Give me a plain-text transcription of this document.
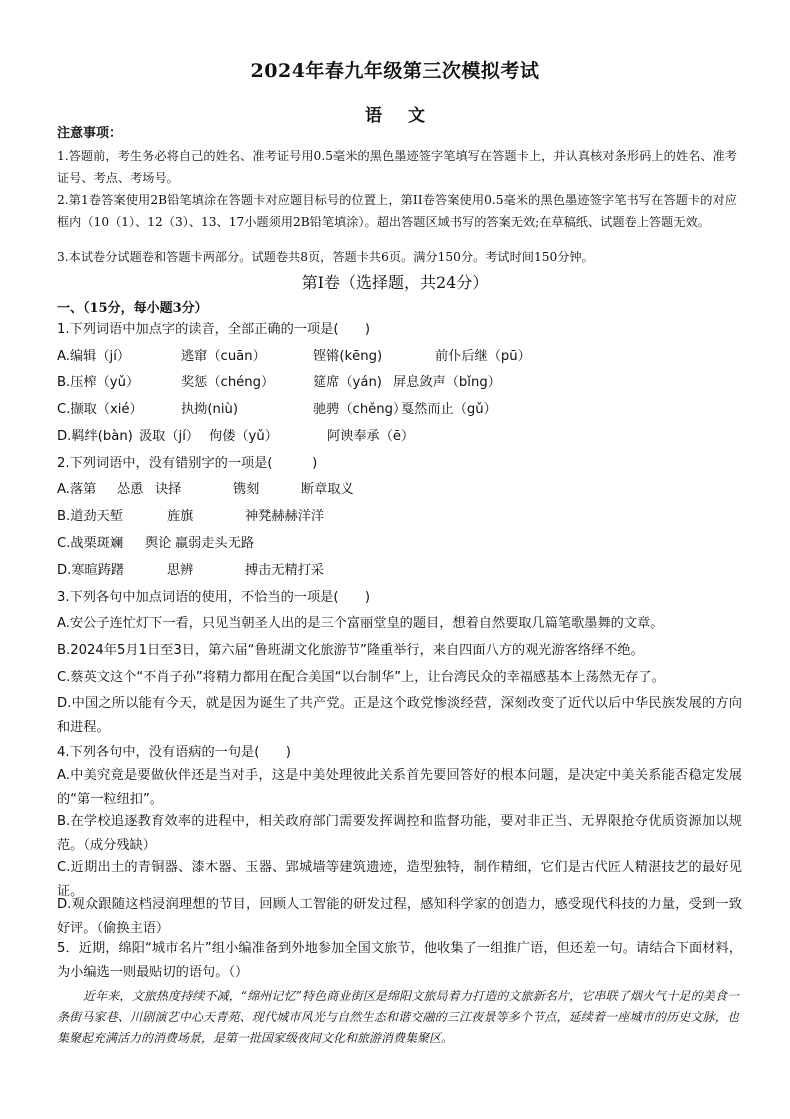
2024年春九年级第三次模拟考试
语文
注意事项：
1.答题前，考生务必将自己的姓名、准考证号用0.5毫米的黑色墨迹签字笔填写在答题卡上，并认真核对条形码上的姓名、准考证号、考点、考场号。
2.第1卷答案使用2B铅笔填涂在答题卡对应题目标号的位置上，第II卷答案使用0.5毫米的黑色墨迹签字笔书写在答题卡的对应框内（10（1）、12（3）、13、17小题须用2B铅笔填涂）。超出答题区域书写的答案无效;在草稿纸、试题卷上答题无效。
3.本试卷分试题卷和答题卡两部分。试题卷共8页，答题卡共6页。满分150分。考试时间150分钟。
第I卷（选择题，共24分）
一、（15分，每小题3分）
1.下列词语中加点字的读音，全部正确的一项是(　　)
A.编辑（jí）	逃窜（cuān）	铿锵(kēng)	前仆后继（pū）
B.压榨（yǔ）	奖惩（chéng）	筵席（yán) 屏息敛声（bǐng）
C.撷取（xié）	执拗(niù)	驰骋（chěng）戛然而止（gǔ）
D.羁绊(bàn) 汲取（jí） 佝偻（yǔ）	阿谀奉承（ē）
2.下列词语中，没有错别字的一项是(　　　)
A.落第 怂恿 诀择	镌刻	断章取义
B.道劲天堑	旌旗	神凳赫赫洋洋
C.战栗斑斓 舆论 羸弱走头无路
D.寒暄踌躇	思辨	搏击无精打采
3.下列各句中加点词语的使用，不恰当的一项是(　　)
A.安公子连忙灯下一看，只见当朝圣人出的是三个富丽堂皇的题目，想着自然要取几篇笔歌墨舞的文章。
B.2024年5月1日至3日，第六届“鲁班湖文化旅游节”隆重举行，来自四面八方的观光游客络绎不绝。
C.蔡英文这个“不肖子孙”将精力都用在配合美国“以台制华”上，让台湾民众的幸福感基本上荡然无存了。
D.中国之所以能有今天，就是因为诞生了共产党。正是这个政党惨淡经营，深刻改变了近代以后中华民族发展的方向和进程。
4.下列各句中，没有语病的一句是(　　)
A.中美究竟是要做伙伴还是当对手，这是中美处理彼此关系首先要回答好的根本问题，是决定中美关系能否稳定发展的“第一粒纽扣”。
B.在学校追逐教育效率的进程中，相关政府部门需要发挥调控和监督功能，要对非正当、无界限抢夺优质资源加以规范。（成分残缺）
C.近期出土的青铜器、漆木器、玉器、郢城墙等建筑遗迹，造型独特，制作精细，它们是古代匠人精湛技艺的最好见证。
D.观众跟随这档浸润理想的节目，回顾人工智能的研发过程，感知科学家的创造力，感受现代科技的力量，受到一致好评。（偷换主语）
5．近期，绵阳“城市名片”组小编准备到外地参加全国文旅节，他收集了一组推广语，但还差一句。请结合下面材料，为小编选一则最贴切的语句。（）
近年来，文旅热度持续不减，“绵州记忆”特色商业街区是绵阳文旅局着力打造的文旅新名片，它串联了烟火气十足的美食一条街马家巷、川剧演艺中心天青苑、现代城市风光与自然生态和谐交融的三江夜景等多个节点，延续着一座城市的历史文脉，也集聚起充满活力的消费场景，是第一批国家级夜间文化和旅游消费集聚区。
